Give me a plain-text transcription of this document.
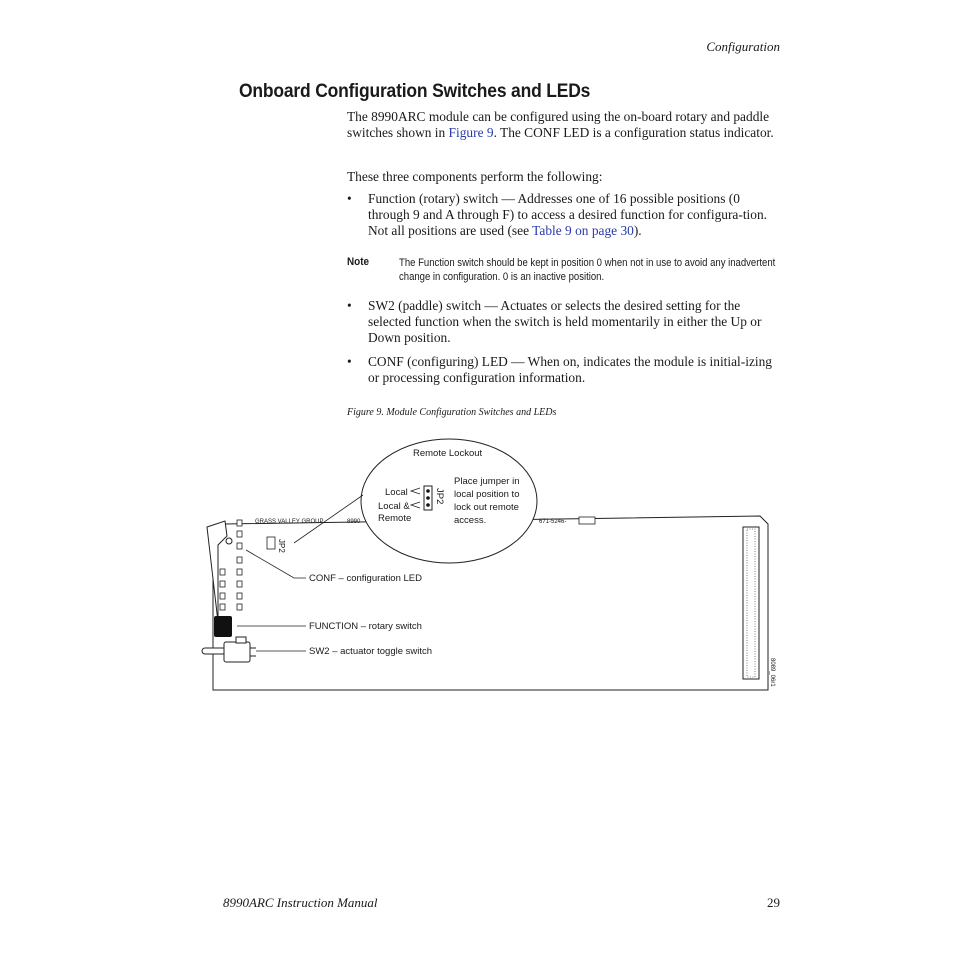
Configuration
Onboard Configuration Switches and LEDs
The 8990ARC module can be configured using the on-board rotary and paddle switches shown in Figure 9. The CONF LED is a configuration status indicator.
These three components perform the following:
• Function (rotary) switch — Addresses one of 16 possible positions (0 through 9 and A through F) to access a desired function for configura-tion. Not all positions are used (see Table 9 on page 30).
Note	The Function switch should be kept in position 0 when not in use to avoid any inadvertent change in configuration. 0 is an inactive position.
• SW2 (paddle) switch — Actuates or selects the desired setting for the selected function when the switch is held momentarily in either the Up or Down position.
• CONF (configuring) LED — When on, indicates the module is initial-izing or processing configuration information.
Figure 9. Module Configuration Switches and LEDs
JP2
GRASS VALLEY GROUP	8990	671-5246-
8089_06r1
Remote Lockout
Local
Local &
Remote
JP2
Place jumper in
local position to
lock out remote
access.
CONF – configuration LED
FUNCTION – rotary switch
SW2 – actuator toggle switch
8990ARC Instruction Manual	29
